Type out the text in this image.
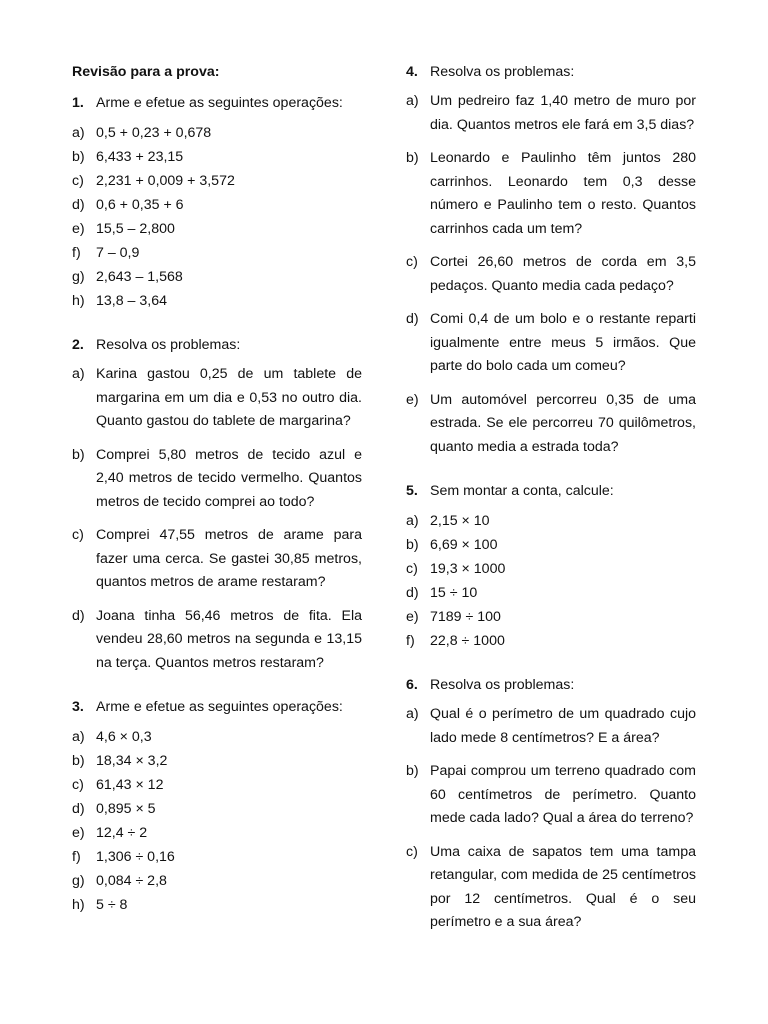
Revisão para a prova:
1. Arme e efetue as seguintes operações:
a) 0,5 + 0,23 + 0,678
b) 6,433 + 23,15
c) 2,231 + 0,009 + 3,572
d) 0,6 + 0,35 + 6
e) 15,5 – 2,800
f)	7 – 0,9
g) 2,643 – 1,568
h) 13,8 – 3,64
2. Resolva os problemas:
a) Karina gastou 0,25 de um tablete de margarina em um dia e 0,53 no outro dia. Quanto gastou do tablete de margarina?
b) Comprei 5,80 metros de tecido azul e 2,40 metros de tecido vermelho. Quantos metros de tecido comprei ao todo?
c) Comprei 47,55 metros de arame para fazer uma cerca. Se gastei 30,85 metros, quantos metros de arame restaram?
d) Joana tinha 56,46 metros de fita. Ela vendeu 28,60 metros na segunda e 13,15 na terça. Quantos metros restaram?
3. Arme e efetue as seguintes operações:
a) 4,6 × 0,3
b) 18,34 × 3,2
c) 61,43 × 12
d) 0,895 × 5
e) 12,4 ÷ 2
f)	1,306 ÷ 0,16
g) 0,084 ÷ 2,8
h) 5 ÷ 8
4. Resolva os problemas:
a) Um pedreiro faz 1,40 metro de muro por dia. Quantos metros ele fará em 3,5 dias?
b) Leonardo e Paulinho têm juntos 280 carrinhos. Leonardo tem 0,3 desse número e Paulinho tem o resto. Quantos carrinhos cada um tem?
c) Cortei 26,60 metros de corda em 3,5 pedaços. Quanto media cada pedaço?
d) Comi 0,4 de um bolo e o restante reparti igualmente entre meus 5 irmãos. Que parte do bolo cada um comeu?
e) Um automóvel percorreu 0,35 de uma estrada. Se ele percorreu 70 quilômetros, quanto media a estrada toda?
5. Sem montar a conta, calcule:
a) 2,15 × 10
b) 6,69 × 100
c) 19,3 × 1000
d) 15 ÷ 10
e) 7189 ÷ 100
f)	22,8 ÷ 1000
6. Resolva os problemas:
a) Qual é o perímetro de um quadrado cujo lado mede 8 centímetros? E a área?
b) Papai comprou um terreno quadrado com 60 centímetros de perímetro. Quanto mede cada lado? Qual a área do terreno?
c) Uma caixa de sapatos tem uma tampa retangular, com medida de 25 centímetros por 12 centímetros. Qual é o seu perímetro e a sua área?
